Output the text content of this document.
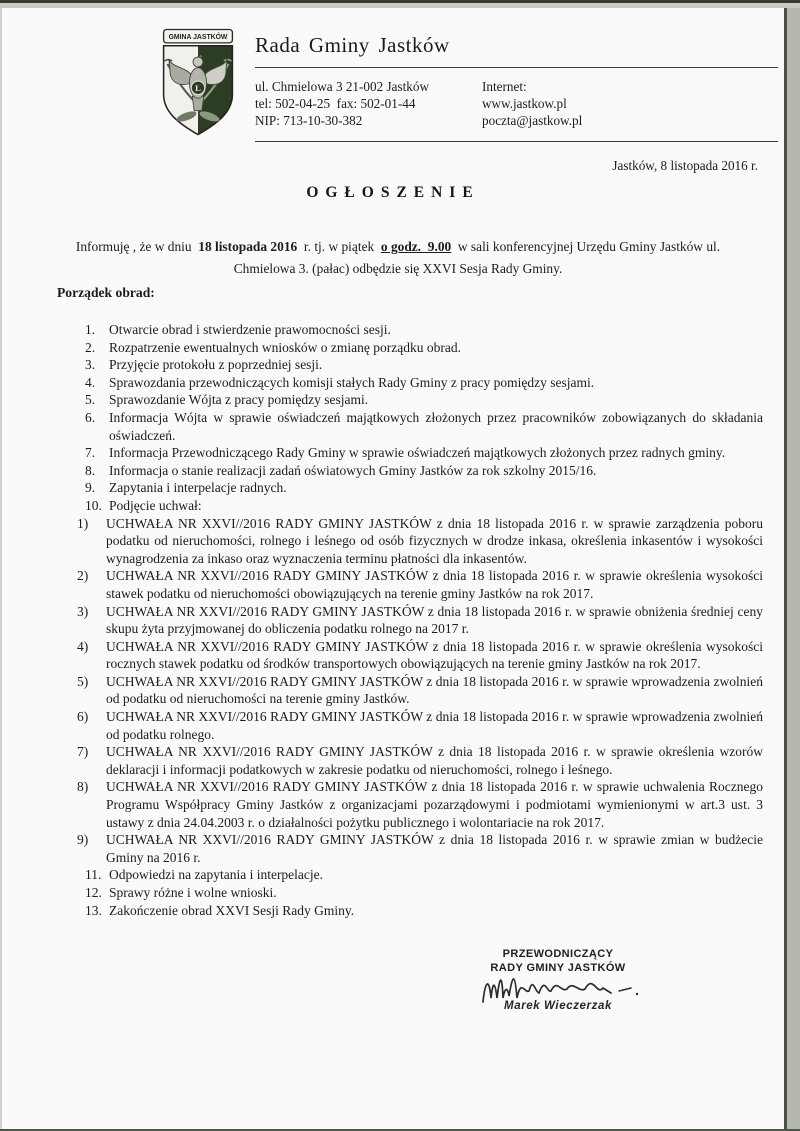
GMINA JASTKÓW
L
Rada Gminy Jastków
ul. Chmielowa 3 21-002 Jastków
tel: 502-04-25  fax: 502-01-44
NIP: 713-10-30-382
Internet:
www.jastkow.pl
poczta@jastkow.pl
Jastków, 8 listopada 2016 r.
OGŁOSZENIE

Informuję , że w dniu  18 listopada 2016  r. tj. w piątek  o godz.  9.00  w sali konferencyjnej Urzędu Gminy Jastków ul. Chmielowa 3. (pałac) odbędzie się XXVI Sesja Rady Gminy.

Porządek obrad:
1.	Otwarcie obrad i stwierdzenie prawomocności sesji.
2.	Rozpatrzenie ewentualnych wniosków o zmianę porządku obrad.
3.	Przyjęcie protokołu z poprzedniej sesji.
4.	Sprawozdania przewodniczących komisji stałych Rady Gminy z pracy pomiędzy sesjami.
5.	Sprawozdanie Wójta z pracy pomiędzy sesjami.
6.	Informacja Wójta w sprawie oświadczeń majątkowych złożonych przez pracowników zobowiązanych do składania oświadczeń.
7.	Informacja Przewodniczącego Rady Gminy w sprawie oświadczeń majątkowych złożonych przez radnych gminy.
8.	Informacja o stanie realizacji zadań oświatowych Gminy Jastków za rok szkolny 2015/16.
9.	Zapytania i interpelacje radnych.
10. Podjęcie uchwał:
1)	UCHWAŁA NR XXVI//2016 RADY GMINY JASTKÓW z dnia 18 listopada 2016 r. w sprawie zarządzenia poboru podatku od nieruchomości, rolnego i leśnego od osób fizycznych w drodze inkasa, określenia inkasentów i wysokości wynagrodzenia za inkaso oraz wyznaczenia terminu płatności dla inkasentów.
2)	UCHWAŁA NR XXVI//2016 RADY GMINY JASTKÓW z dnia 18 listopada 2016 r. w sprawie określenia wysokości stawek podatku od nieruchomości obowiązujących na terenie gminy Jastków na rok 2017.
3)	UCHWAŁA NR XXVI//2016 RADY GMINY JASTKÓW z dnia 18 listopada 2016 r. w sprawie obniżenia średniej ceny skupu żyta przyjmowanej do obliczenia podatku rolnego na 2017 r.
4)	UCHWAŁA NR XXVI//2016 RADY GMINY JASTKÓW z dnia 18 listopada 2016 r. w sprawie określenia wysokości rocznych stawek podatku od środków transportowych obowiązujących na terenie gminy Jastków na rok 2017.
5)	UCHWAŁA NR XXVI//2016 RADY GMINY JASTKÓW z dnia 18 listopada 2016 r. w sprawie wprowadzenia zwolnień od podatku od nieruchomości na terenie gminy Jastków.
6)	UCHWAŁA NR XXVI//2016 RADY GMINY JASTKÓW z dnia 18 listopada 2016 r. w sprawie wprowadzenia zwolnień od podatku rolnego.
7)	UCHWAŁA NR XXVI//2016 RADY GMINY JASTKÓW z dnia 18 listopada 2016 r. w sprawie określenia wzorów deklaracji i informacji podatkowych w zakresie podatku od nieruchomości, rolnego i leśnego.
8)	UCHWAŁA NR XXVI//2016 RADY GMINY JASTKÓW z dnia 18 listopada 2016 r. w sprawie uchwalenia Rocznego Programu Współpracy Gminy Jastków z organizacjami pozarządowymi i podmiotami wymienionymi w art.3 ust. 3 ustawy z dnia 24.04.2003 r. o działalności pożytku publicznego i wolontariacie na rok 2017.
9)	UCHWAŁA NR XXVI//2016 RADY GMINY JASTKÓW z dnia 18 listopada 2016 r. w sprawie zmian w budżecie Gminy na 2016 r.
11. Odpowiedzi na zapytania i interpelacje.
12. Sprawy różne i wolne wnioski.
13. Zakończenie obrad XXVI Sesji Rady Gminy.
PRZEWODNICZĄCY
RADY GMINY JASTKÓW
Marek Wieczerzak
